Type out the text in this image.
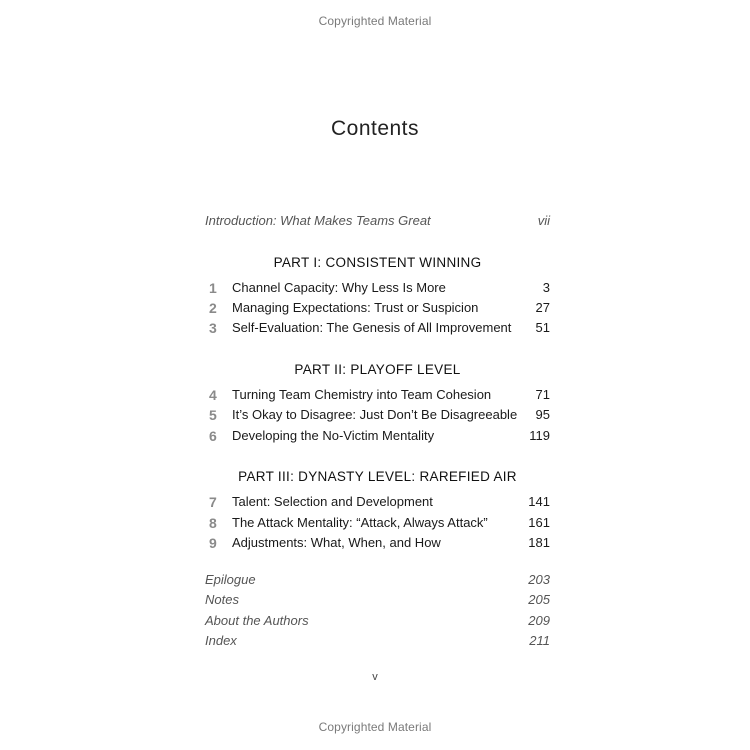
Copyrighted Material
Contents
Introduction: What Makes Teams Great	vii
PART I: CONSISTENT WINNING
1 Channel Capacity: Why Less Is More	3
2 Managing Expectations: Trust or Suspicion	27
3 Self-Evaluation: The Genesis of All Improvement 51
PART II: PLAYOFF LEVEL
4 Turning Team Chemistry into Team Cohesion	71
5 It’s Okay to Disagree: Just Don’t Be Disagreeable 95
6 Developing the No-Victim Mentality	119
PART III: DYNASTY LEVEL: RAREFIED AIR
7 Talent: Selection and Development	141
8 The Attack Mentality: “Attack, Always Attack”	161
9 Adjustments: What, When, and How	181
Epilogue	203
Notes	205
About the Authors	209
Index	211
v
Copyrighted Material
